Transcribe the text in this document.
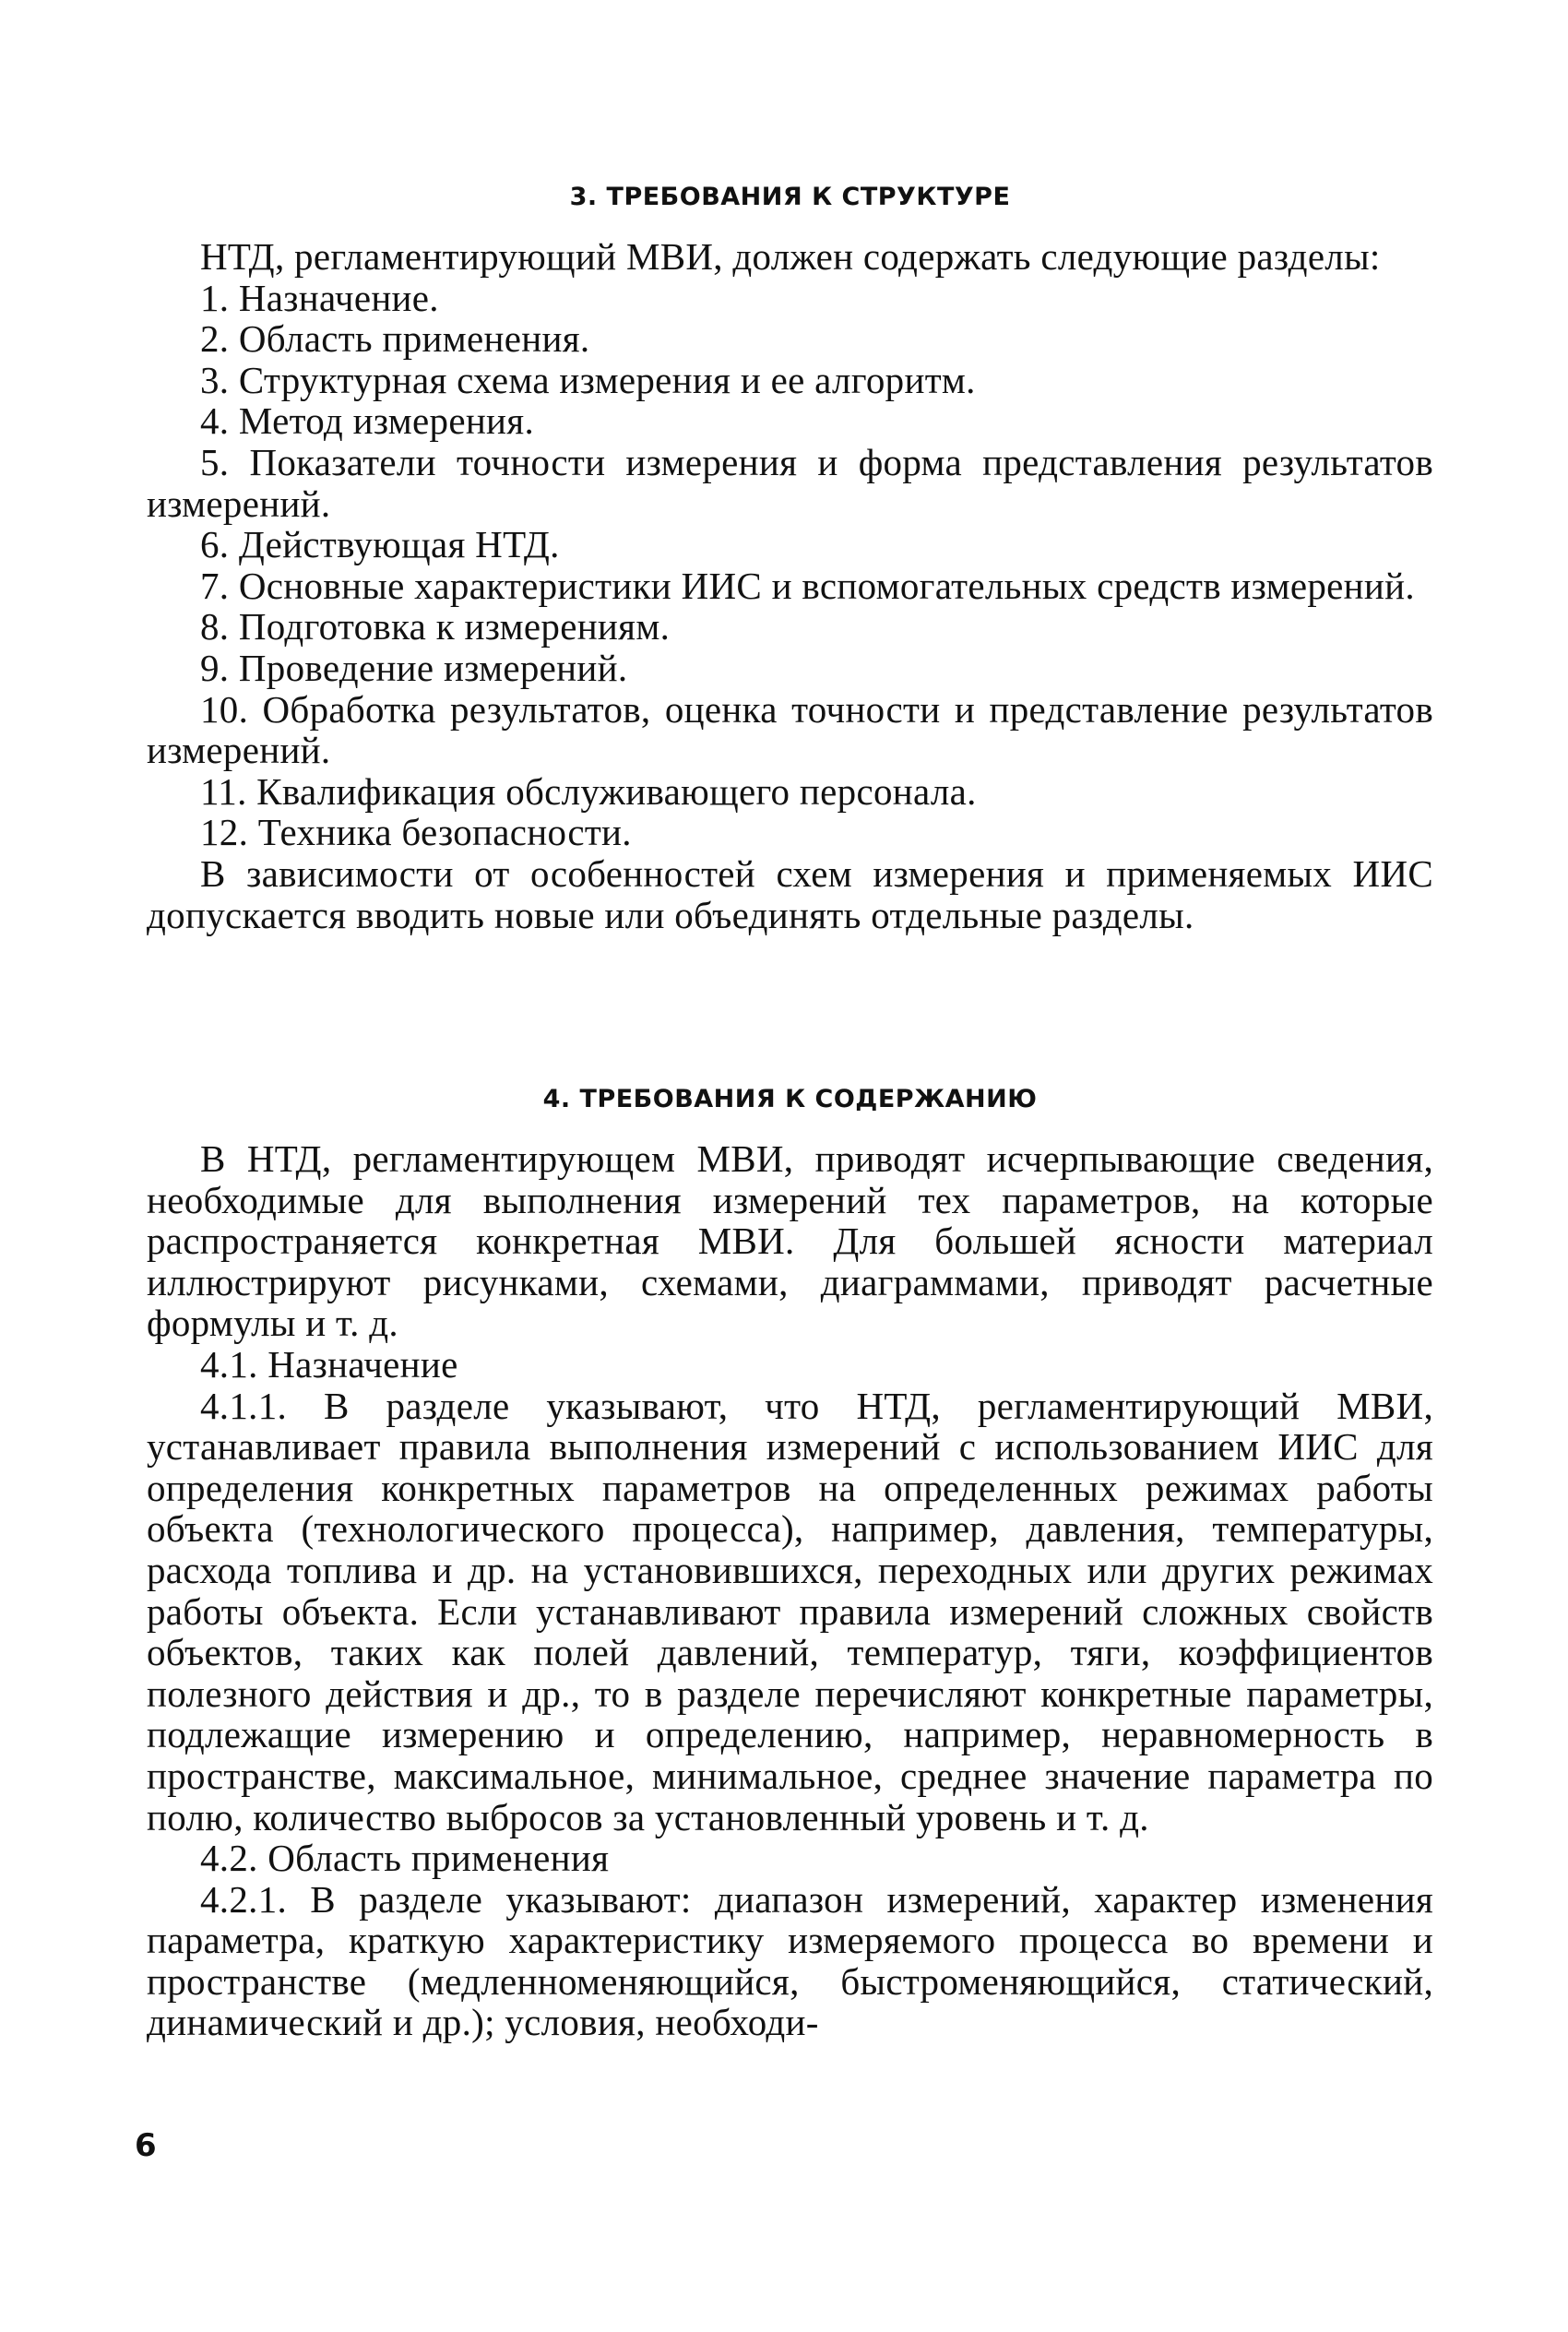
3. ТРЕБОВАНИЯ К СТРУКТУРЕ

НТД, регламентирующий МВИ, должен содержать следующие разделы:

1. Назначение.

2. Область применения.

3. Структурная схема измерения и ее алгоритм.

4. Метод измерения.

5. Показатели точности измерения и форма представления результатов измерений.

6. Действующая НТД.

7. Основные характеристики ИИС и вспомогательных средств измерений.

8. Подготовка к измерениям.

9. Проведение измерений.

10. Обработка результатов, оценка точности и представление результатов измерений.

11. Квалификация обслуживающего персонала.

12. Техника безопасности.

В зависимости от особенностей схем измерения и применяемых ИИС допускается вводить новые или объединять отдельные разделы.

4. ТРЕБОВАНИЯ К СОДЕРЖАНИЮ

В НТД, регламентирующем МВИ, приводят исчерпывающие сведения, необходимые для выполнения измерений тех параметров, на которые распространяется конкретная МВИ. Для большей ясности материал иллюстрируют рисунками, схемами, диаграммами, приводят расчетные формулы и т. д.

4.1. Назначение

4.1.1. В разделе указывают, что НТД, регламентирующий МВИ, устанавливает правила выполнения измерений с использованием ИИС для определения конкретных параметров на определенных режимах работы объекта (технологического процесса), например, давления, температуры, расхода топлива и др. на установившихся, переходных или других режимах работы объекта. Если устанавливают правила измерений сложных свойств объектов, таких как полей давлений, температур, тяги, коэффициентов полезного действия и др., то в разделе перечисляют конкретные параметры, подлежащие измерению и определению, например, неравномерность в пространстве, максимальное, минимальное, среднее значение параметра по полю, количество выбросов за установленный уровень и т. д.

4.2. Область применения

4.2.1. В разделе указывают: диапазон измерений, характер изменения параметра, краткую характеристику измеряемого процесса во времени и пространстве (медленноменяющийся, быстроменяющийся, статический, динамический и др.); условия, необходи-

6
